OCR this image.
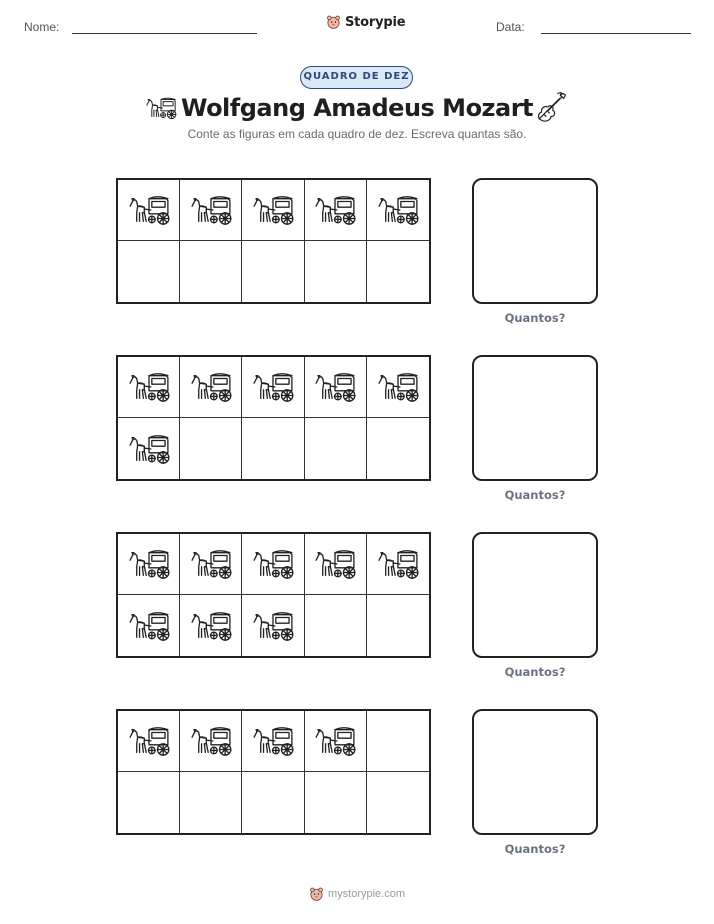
Nome:	Storypie	Data:
QUADRO DE DEZ
Wolfgang Amadeus Mozart
Conte as figuras em cada quadro de dez. Escreva quantas são.
Quantos?
Quantos?
Quantos?
Quantos?
mystorypie.com
